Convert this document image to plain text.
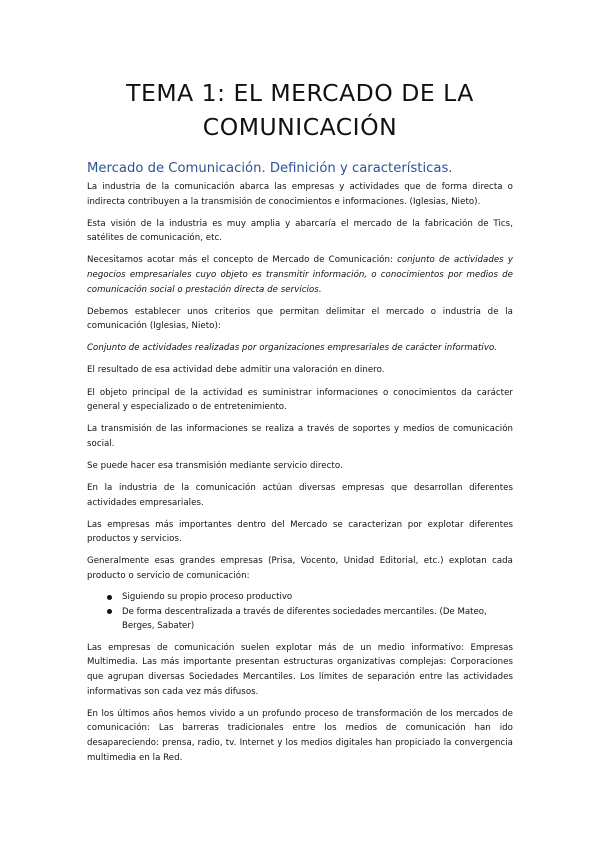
TEMA 1: EL MERCADO DE LA COMUNICACIÓN
Mercado de Comunicación. Definición y características.

La industria de la comunicación abarca las empresas y actividades que de forma directa o indirecta contribuyen a la transmisión de conocimientos e informaciones. (Iglesias, Nieto).

Esta visión de la industria es muy amplia y abarcaría el mercado de la fabricación de Tics, satélites de comunicación, etc.

Necesitamos acotar más el concepto de Mercado de Comunicación: conjunto de actividades y negocios empresariales cuyo objeto es transmitir información, o conocimientos por medios de comunicación social o prestación directa de servicios.

Debemos establecer unos criterios que permitan delimitar el mercado o industria de la comunicación (Iglesias, Nieto):

Conjunto de actividades realizadas por organizaciones empresariales de carácter informativo.

El resultado de esa actividad debe admitir una valoración en dinero.

El objeto principal de la actividad es suministrar informaciones o conocimientos da carácter general y especializado o de entretenimiento.

La transmisión de las informaciones se realiza a través de soportes y medios de comunicación social.

Se puede hacer esa transmisión mediante servicio directo.

En la industria de la comunicación actúan diversas empresas que desarrollan diferentes actividades empresariales.

Las empresas más importantes dentro del Mercado se caracterizan por explotar diferentes productos y servicios.

Generalmente esas grandes empresas (Prisa, Vocento, Unidad Editorial, etc.) explotan cada producto o servicio de comunicación:

Siguiendo su propio proceso productivo
De forma descentralizada a través de diferentes sociedades mercantiles. (De Mateo, Berges, Sabater)

Las empresas de comunicación suelen explotar más de un medio informativo: Empresas Multimedia. Las más importante presentan estructuras organizativas complejas: Corporaciones que agrupan diversas Sociedades Mercantiles. Los límites de separación entre las actividades informativas son cada vez más difusos.

En los últimos años hemos vivido a un profundo proceso de transformación de los mercados de comunicación: Las barreras tradicionales entre los medios de comunicación han ido desapareciendo: prensa, radio, tv. Internet y los medios digitales han propiciado la convergencia multimedia en la Red.
